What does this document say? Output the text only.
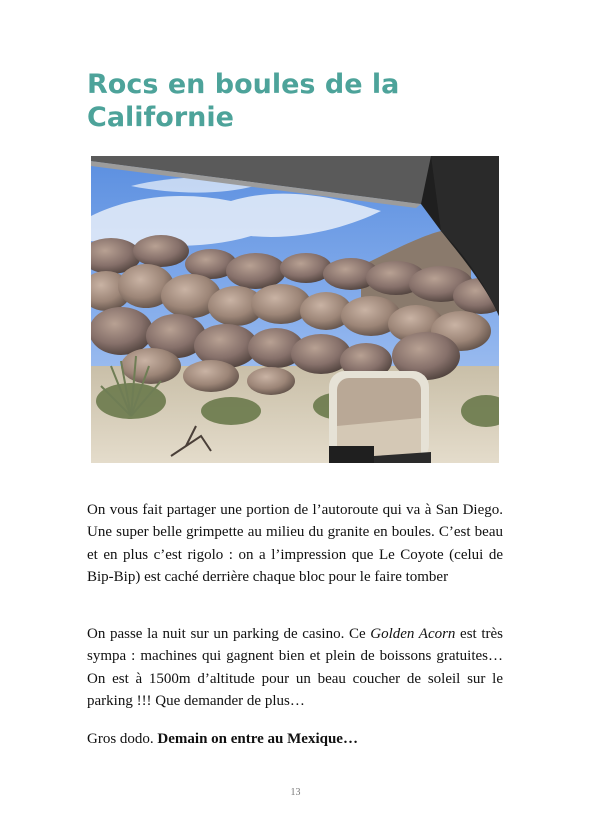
Rocs en boules de la Californie

On vous fait partager une portion de l’autoroute qui va à San Diego. Une super belle grimpette au milieu du granite en boules. C’est beau et en plus c’est rigolo : on a l’impression que Le Coyote (celui de Bip-Bip) est caché derrière chaque bloc pour le faire tomber

On passe la nuit sur un parking de casino. Ce Golden Acorn est très sympa : machines qui gagnent bien et plein de boissons gratuites… On est à 1500m d’altitude pour un beau coucher de soleil sur le parking !!! Que demander de plus…

Gros dodo. Demain on entre au Mexique…

13
